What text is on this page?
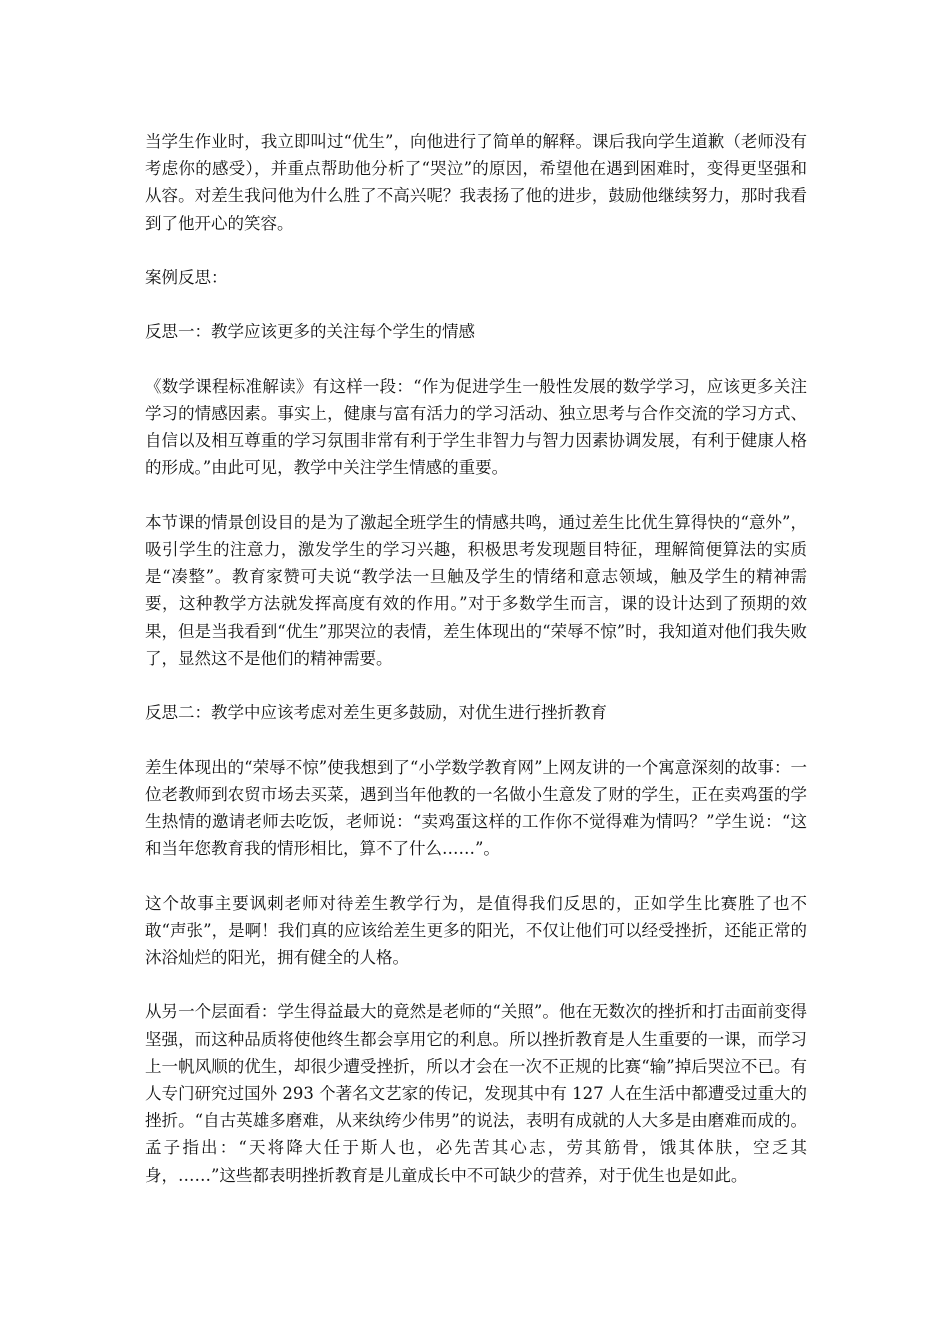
当学生作业时，我立即叫过“优生”，向他进行了简单的解释。课后我向学生道歉（老师没有考虑你的感受），并重点帮助他分析了“哭泣”的原因，希望他在遇到困难时，变得更坚强和从容。对差生我问他为什么胜了不高兴呢？我表扬了他的进步，鼓励他继续努力，那时我看到了他开心的笑容。

案例反思：

反思一：教学应该更多的关注每个学生的情感

《数学课程标准解读》有这样一段：“作为促进学生一般性发展的数学学习，应该更多关注学习的情感因素。事实上，健康与富有活力的学习活动、独立思考与合作交流的学习方式、自信以及相互尊重的学习氛围非常有利于学生非智力与智力因素协调发展，有利于健康人格的形成。”由此可见，教学中关注学生情感的重要。

本节课的情景创设目的是为了激起全班学生的情感共鸣，通过差生比优生算得快的“意外”，吸引学生的注意力，激发学生的学习兴趣，积极思考发现题目特征，理解简便算法的实质是“凑整”。教育家赞可夫说“教学法一旦触及学生的情绪和意志领域，触及学生的精神需要，这种教学方法就发挥高度有效的作用。”对于多数学生而言，课的设计达到了预期的效果，但是当我看到“优生”那哭泣的表情，差生体现出的“荣辱不惊”时，我知道对他们我失败了，显然这不是他们的精神需要。

反思二：教学中应该考虑对差生更多鼓励，对优生进行挫折教育

差生体现出的“荣辱不惊”使我想到了“小学数学教育网”上网友讲的一个寓意深刻的故事：一位老教师到农贸市场去买菜，遇到当年他教的一名做小生意发了财的学生，正在卖鸡蛋的学生热情的邀请老师去吃饭，老师说：“卖鸡蛋这样的工作你不觉得难为情吗？”学生说：“这和当年您教育我的情形相比，算不了什么……”。

这个故事主要讽刺老师对待差生教学行为，是值得我们反思的，正如学生比赛胜了也不敢“声张”，是啊！我们真的应该给差生更多的阳光，不仅让他们可以经受挫折，还能正常的沐浴灿烂的阳光，拥有健全的人格。

从另一个层面看：学生得益最大的竟然是老师的“关照”。他在无数次的挫折和打击面前变得坚强，而这种品质将使他终生都会享用它的利息。所以挫折教育是人生重要的一课，而学习上一帆风顺的优生，却很少遭受挫折，所以才会在一次不正规的比赛“输”掉后哭泣不已。有人专门研究过国外 293 个著名文艺家的传记，发现其中有 127 人在生活中都遭受过重大的挫折。“自古英雄多磨难，从来纨绔少伟男”的说法，表明有成就的人大多是由磨难而成的。孟子指出：“天将降大任于斯人也，必先苦其心志，劳其筋骨，饿其体肤，空乏其身，……”这些都表明挫折教育是儿童成长中不可缺少的营养，对于优生也是如此。
